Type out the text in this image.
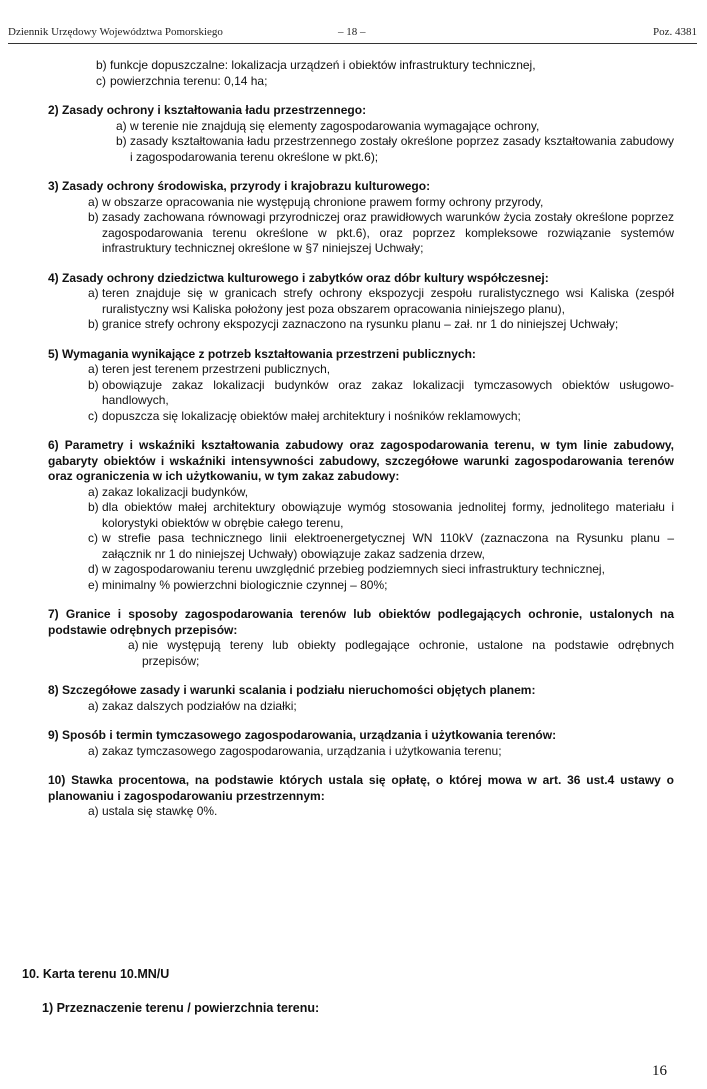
Dziennik Urzędowy Województwa Pomorskiego	– 18 –	Poz. 4381
b) funkcje dopuszczalne: lokalizacja urządzeń i obiektów infrastruktury technicznej,
c) powierzchnia terenu: 0,14 ha;
2) Zasady ochrony i kształtowania ładu przestrzennego:
a) w terenie nie znajdują się elementy zagospodarowania wymagające ochrony,
b) zasady kształtowania ładu przestrzennego zostały określone poprzez zasady kształtowania zabudowy i zagospodarowania terenu określone w pkt.6);
3) Zasady ochrony środowiska, przyrody i krajobrazu kulturowego:
a) w obszarze opracowania nie występują chronione prawem formy ochrony przyrody,
b) zasady zachowana równowagi przyrodniczej oraz prawidłowych warunków życia zostały określone poprzez zagospodarowania terenu określone w pkt.6), oraz poprzez kompleksowe rozwiązanie systemów infrastruktury technicznej określone w §7 niniejszej Uchwały;
4) Zasady ochrony dziedzictwa kulturowego i zabytków oraz dóbr kultury współczesnej:
a) teren znajduje się w granicach strefy ochrony ekspozycji zespołu ruralistycznego wsi Kaliska (zespół ruralistyczny wsi Kaliska położony jest poza obszarem opracowania niniejszego planu),
b) granice strefy ochrony ekspozycji zaznaczono na rysunku planu – zał. nr 1 do niniejszej Uchwały;
5) Wymagania wynikające z potrzeb kształtowania przestrzeni publicznych:
a) teren jest terenem przestrzeni publicznych,
b) obowiązuje zakaz lokalizacji budynków oraz zakaz lokalizacji tymczasowych obiektów usługowo-handlowych,
c) dopuszcza się lokalizację obiektów małej architektury i nośników reklamowych;
6) Parametry i wskaźniki kształtowania zabudowy oraz zagospodarowania terenu, w tym linie zabudowy, gabaryty obiektów i wskaźniki intensywności zabudowy, szczegółowe warunki zagospodarowania terenów oraz ograniczenia w ich użytkowaniu, w tym zakaz zabudowy:
a) zakaz lokalizacji budynków,
b) dla obiektów małej architektury obowiązuje wymóg stosowania jednolitej formy, jednolitego materiału i kolorystyki obiektów w obrębie całego terenu,
c) w strefie pasa technicznego linii elektroenergetycznej WN 110kV (zaznaczona na Rysunku planu – załącznik nr 1 do niniejszej Uchwały) obowiązuje zakaz sadzenia drzew,
d) w zagospodarowaniu terenu uwzględnić przebieg podziemnych sieci infrastruktury technicznej,
e) minimalny % powierzchni biologicznie czynnej – 80%;
7) Granice i sposoby zagospodarowania terenów lub obiektów podlegających ochronie, ustalonych na podstawie odrębnych przepisów:
a) nie występują tereny lub obiekty podlegające ochronie, ustalone na podstawie odrębnych przepisów;
8) Szczegółowe zasady i warunki scalania i podziału nieruchomości objętych planem:
a) zakaz dalszych podziałów na działki;
9) Sposób i termin tymczasowego zagospodarowania, urządzania i użytkowania terenów:
a) zakaz tymczasowego zagospodarowania, urządzania i użytkowania terenu;
10) Stawka procentowa, na podstawie których ustala się opłatę, o której mowa w art. 36 ust.4 ustawy o planowaniu i zagospodarowaniu przestrzennym:
a) ustala się stawkę 0%.
10. Karta terenu 10.MN/U
1) Przeznaczenie terenu / powierzchnia terenu:
16
